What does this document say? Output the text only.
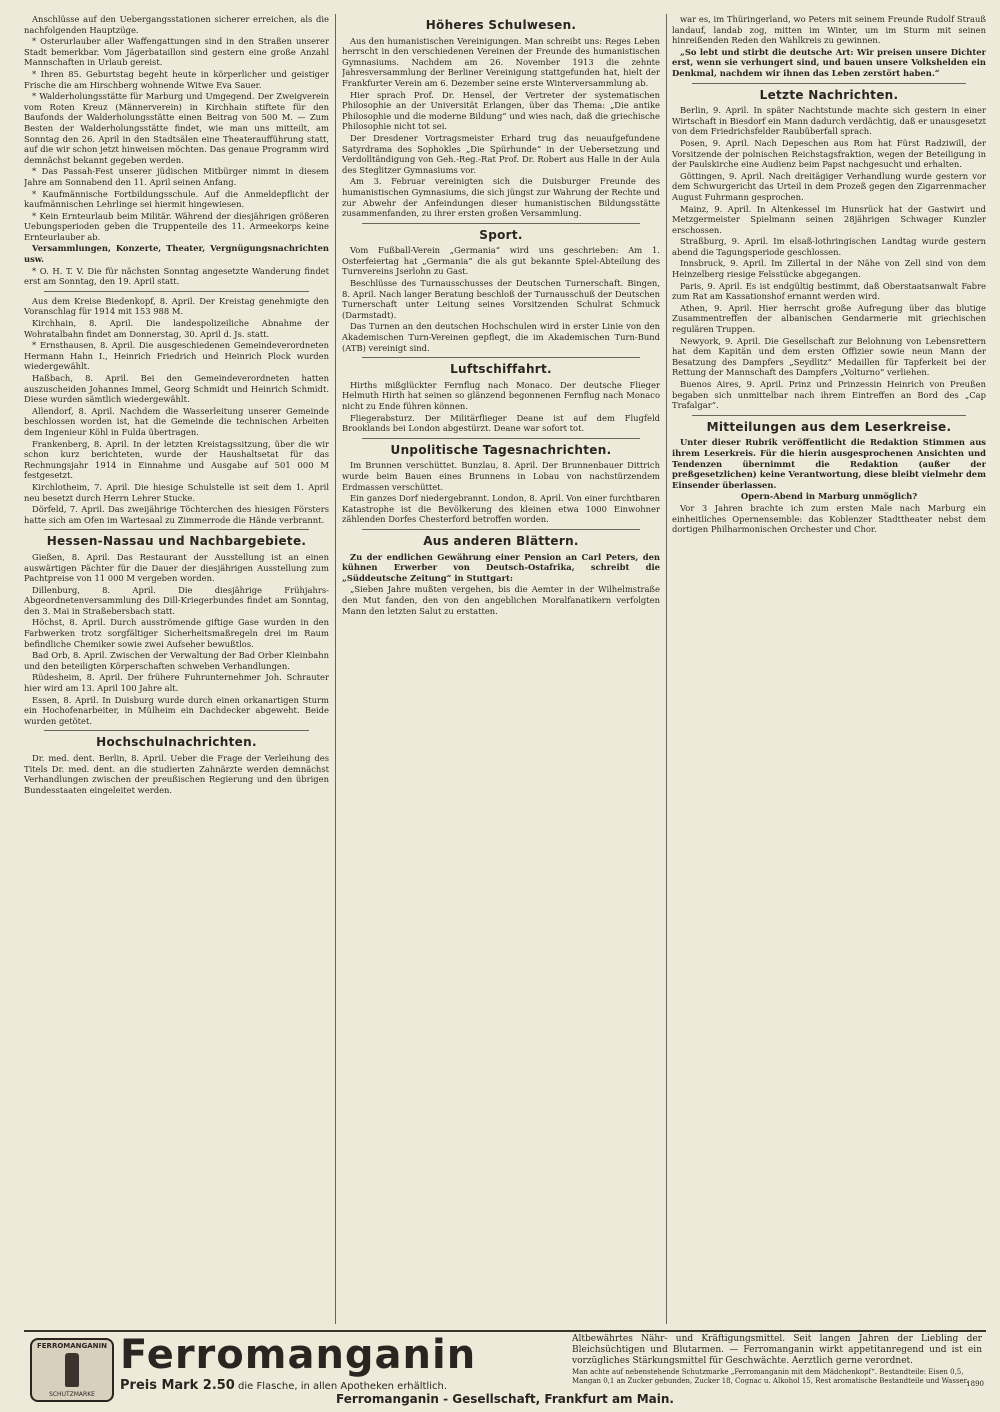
Anschlüsse auf den Uebergangsstationen sicherer erreichen, als die nachfolgenden Hauptzüge.

* Osterurlauber aller Waffengattungen sind in den Straßen unserer Stadt bemerkbar. Vom Jägerbataillon sind gestern eine große Anzahl Mannschaften in Urlaub gereist.

* Ihren 85. Geburtstag begeht heute in körperlicher und geistiger Frische die am Hirschberg wohnende Witwe Eva Sauer.

* Walderholungsstätte für Marburg und Umgegend. Der Zweigverein vom Roten Kreuz (Männerverein) in Kirchhain stiftete für den Baufonds der Walderholungsstätte einen Beitrag von 500 M. — Zum Besten der Walderholungsstätte findet, wie man uns mitteilt, am Sonntag den 26. April in den Stadtsälen eine Theateraufführung statt, auf die wir schon jetzt hinweisen möchten. Das genaue Programm wird demnächst bekannt gegeben werden.

* Das Passah-Fest unserer jüdischen Mitbürger nimmt in diesem Jahre am Sonnabend den 11. April seinen Anfang.

* Kaufmännische Fortbildungsschule. Auf die Anmeldepflicht der kaufmännischen Lehrlinge sei hiermit hingewiesen.

* Kein Ernteurlaub beim Militär. Während der diesjährigen größeren Uebungsperioden geben die Truppenteile des 11. Armeekorps keine Ernteurlauber ab.

Versammlungen, Konzerte, Theater, Vergnügungsnachrichten usw.

* O. H. T. V. Die für nächsten Sonntag angesetzte Wanderung findet erst am Sonntag, den 19. April statt.

Aus dem Kreise Biedenkopf, 8. April. Der Kreistag genehmigte den Voranschlag für 1914 mit 153 988 M.

Kirchhain, 8. April. Die landespolizeiliche Abnahme der Wohratalbahn findet am Donnerstag, 30. April d. Js. statt.

* Ernsthausen, 8. April. Die ausgeschiedenen Gemeindeverordneten Hermann Hahn I., Heinrich Friedrich und Heinrich Plock wurden wiedergewählt.

Haßbach, 8. April. Bei den Gemeindeverordneten hatten auszuscheiden Johannes Immel, Georg Schmidt und Heinrich Schmidt. Diese wurden sämtlich wiedergewählt.

Allendorf, 8. April. Nachdem die Wasserleitung unserer Gemeinde beschlossen worden ist, hat die Gemeinde die technischen Arbeiten dem Ingenieur Köhl in Fulda übertragen.

Frankenberg, 8. April. In der letzten Kreistagssitzung, über die wir schon kurz berichteten, wurde der Haushaltsetat für das Rechnungsjahr 1914 in Einnahme und Ausgabe auf 501 000 M festgesetzt.

Kirchlotheim, 7. April. Die hiesige Schulstelle ist seit dem 1. April neu besetzt durch Herrn Lehrer Stucke.

Dörfeld, 7. April. Das zweijährige Töchterchen des hiesigen Försters hatte sich am Ofen im Wartesaal zu Zimmerrode die Hände verbrannt.

Hessen-Nassau und Nachbargebiete.

Gießen, 8. April. Das Restaurant der Ausstellung ist an einen auswärtigen Pächter für die Dauer der diesjährigen Ausstellung zum Pachtpreise von 11 000 M vergeben worden.

Dillenburg, 8. April. Die diesjährige Frühjahrs-Abgeordnetenversammlung des Dill-Kriegerbundes findet am Sonntag, den 3. Mai in Straßebersbach statt.

Höchst, 8. April. Durch ausströmende giftige Gase wurden in den Farbwerken trotz sorgfältiger Sicherheitsmaßregeln drei im Raum befindliche Chemiker sowie zwei Aufseher bewußtlos.

Bad Orb, 8. April. Zwischen der Verwaltung der Bad Orber Kleinbahn und den beteiligten Körperschaften schweben Verhandlungen.

Rüdesheim, 8. April. Der frühere Fuhrunternehmer Joh. Schrauter hier wird am 13. April 100 Jahre alt.

Essen, 8. April. In Duisburg wurde durch einen orkanartigen Sturm ein Hochofenarbeiter, in Mülheim ein Dachdecker abgeweht. Beide wurden getötet.

Hochschulnachrichten.

Dr. med. dent. Berlin, 8. April. Ueber die Frage der Verleihung des Titels Dr. med. dent. an die studierten Zahnärzte werden demnächst Verhandlungen zwischen der preußischen Regierung und den übrigen Bundesstaaten eingeleitet werden.

Höheres Schulwesen.

Aus den humanistischen Vereinigungen. Man schreibt uns: Reges Leben herrscht in den verschiedenen Vereinen der Freunde des humanistischen Gymnasiums. Nachdem am 26. November 1913 die zehnte Jahresversammlung der Berliner Vereinigung stattgefunden hat, hielt der Frankfurter Verein am 6. Dezember seine erste Winterversammlung ab.

Hier sprach Prof. Dr. Hensel, der Vertreter der systematischen Philosophie an der Universität Erlangen, über das Thema: „Die antike Philosophie und die moderne Bildung“ und wies nach, daß die griechische Philosophie nicht tot sei.

Der Dresdener Vortragsmeister Erhard trug das neuaufgefundene Satyrdrama des Sophokles „Die Spürhunde“ in der Uebersetzung und Verdolltändigung von Geh.-Reg.-Rat Prof. Dr. Robert aus Halle in der Aula des Steglitzer Gymnasiums vor.

Am 3. Februar vereinigten sich die Duisburger Freunde des humanistischen Gymnasiums, die sich jüngst zur Wahrung der Rechte und zur Abwehr der Anfeindungen dieser humanistischen Bildungsstätte zusammenfanden, zu ihrer ersten großen Versammlung.

Sport.

Vom Fußball-Verein „Germania“ wird uns geschrieben: Am 1. Osterfeiertag hat „Germania“ die als gut bekannte Spiel-Abteilung des Turnvereins Jserlohn zu Gast.

Beschlüsse des Turnausschusses der Deutschen Turnerschaft. Bingen, 8. April. Nach langer Beratung beschloß der Turnausschuß der Deutschen Turnerschaft unter Leitung seines Vorsitzenden Schulrat Schmuck (Darmstadt).

Das Turnen an den deutschen Hochschulen wird in erster Linie von den Akademischen Turn-Vereinen gepflegt, die im Akademischen Turn-Bund (ATB) vereinigt sind.

Luftschiffahrt.

Hirths mißglückter Fernflug nach Monaco. Der deutsche Flieger Helmuth Hirth hat seinen so glänzend begonnenen Fernflug nach Monaco nicht zu Ende führen können.

Fliegerabsturz. Der Militärflieger Deane ist auf dem Flugfeld Brooklands bei London abgestürzt. Deane war sofort tot.

Unpolitische Tagesnachrichten.

Im Brunnen verschüttet. Bunzlau, 8. April. Der Brunnenbauer Dittrich wurde beim Bauen eines Brunnens in Lobau von nachstürzendem Erdmassen verschüttet.

Ein ganzes Dorf niedergebrannt. London, 8. April. Von einer furchtbaren Katastrophe ist die Bevölkerung des kleinen etwa 1000 Einwohner zählenden Dorfes Chesterford betroffen worden.

Aus anderen Blättern.

Zu der endlichen Gewährung einer Pension an Carl Peters, den kühnen Erwerber von Deutsch-Ostafrika, schreibt die „Süddeutsche Zeitung“ in Stuttgart:

„Sieben Jahre mußten vergehen, bis die Aemter in der Wilhelmstraße den Mut fanden, den von den angeblichen Moralfanatikern verfolgten Mann den letzten Salut zu erstatten.

war es, im Thüringerland, wo Peters mit seinem Freunde Rudolf Strauß landauf, landab zog, mitten im Winter, um im Sturm mit seinen hinreißenden Reden den Wahlkreis zu gewinnen.

„So lebt und stirbt die deutsche Art: Wir preisen unsere Dichter erst, wenn sie verhungert sind, und bauen unsere Volkshelden ein Denkmal, nachdem wir ihnen das Leben zerstört haben.“

Letzte Nachrichten.

Berlin, 9. April. In später Nachtstunde machte sich gestern in einer Wirtschaft in Biesdorf ein Mann dadurch verdächtig, daß er unausgesetzt von dem Friedrichsfelder Raubüberfall sprach.

Posen, 9. April. Nach Depeschen aus Rom hat Fürst Radziwill, der Vorsitzende der polnischen Reichstagsfraktion, wegen der Beteiligung in der Paulskirche eine Audienz beim Papst nachgesucht und erhalten.

Göttingen, 9. April. Nach dreitägiger Verhandlung wurde gestern vor dem Schwurgericht das Urteil in dem Prozeß gegen den Zigarrenmacher August Fuhrmann gesprochen.

Mainz, 9. April. In Altenkessel im Hunsrück hat der Gastwirt und Metzgermeister Spielmann seinen 28jährigen Schwager Kunzler erschossen.

Straßburg, 9. April. Im elsaß-lothringischen Landtag wurde gestern abend die Tagungsperiode geschlossen.

Innsbruck, 9. April. Im Zillertal in der Nähe von Zell sind von dem Heinzelberg riesige Felsstücke abgegangen.

Paris, 9. April. Es ist endgültig bestimmt, daß Oberstaatsanwalt Fabre zum Rat am Kassationshof ernannt werden wird.

Athen, 9. April. Hier herrscht große Aufregung über das blutige Zusammentreffen der albanischen Gendarmerie mit griechischen regulären Truppen.

Newyork, 9. April. Die Gesellschaft zur Belohnung von Lebensrettern hat dem Kapitän und dem ersten Offizier sowie neun Mann der Besatzung des Dampfers „Seydlitz“ Medaillen für Tapferkeit bei der Rettung der Mannschaft des Dampfers „Volturno“ verliehen.

Buenos Aires, 9. April. Prinz und Prinzessin Heinrich von Preußen begaben sich unmittelbar nach ihrem Eintreffen an Bord des „Cap Trafalgar“.

Mitteilungen aus dem Leserkreise.

Unter dieser Rubrik veröffentlicht die Redaktion Stimmen aus ihrem Leserkreis. Für die hierin ausgesprochenen Ansichten und Tendenzen übernimmt die Redaktion (außer der preßgesetzlichen) keine Verantwortung, diese bleibt vielmehr dem Einsender überlassen.

Opern-Abend in Marburg unmöglich?

Vor 3 Jahren brachte ich zum ersten Male nach Marburg ein einheitliches Opernensemble: das Koblenzer Stadttheater nebst dem dortigen Philharmonischen Orchester und Chor.

FERROMANGANIN
SCHUTZMARKE
Ferromanganin
Preis Mark 2.50 die Flasche, in allen Apotheken erhältlich.
Altbewährtes Nähr- und Kräftigungsmittel. Seit langen Jahren der Liebling der Bleichsüchtigen und Blutarmen. — Ferromanganin wirkt appetitanregend und ist ein vorzügliches Stärkungsmittel für Geschwächte. Aerztlich gerne verordnet.
Man achte auf nebenstehende Schutzmarke „Ferromanganin mit dem Mädchenkopf“. Bestandteile: Eisen 0,5, Mangan 0,1 an Zucker gebunden, Zucker 18, Cognac u. Alkohol 15, Rest aromatische Bestandteile und Wasser.
1890
Ferromanganin - Gesellschaft, Frankfurt am Main.
